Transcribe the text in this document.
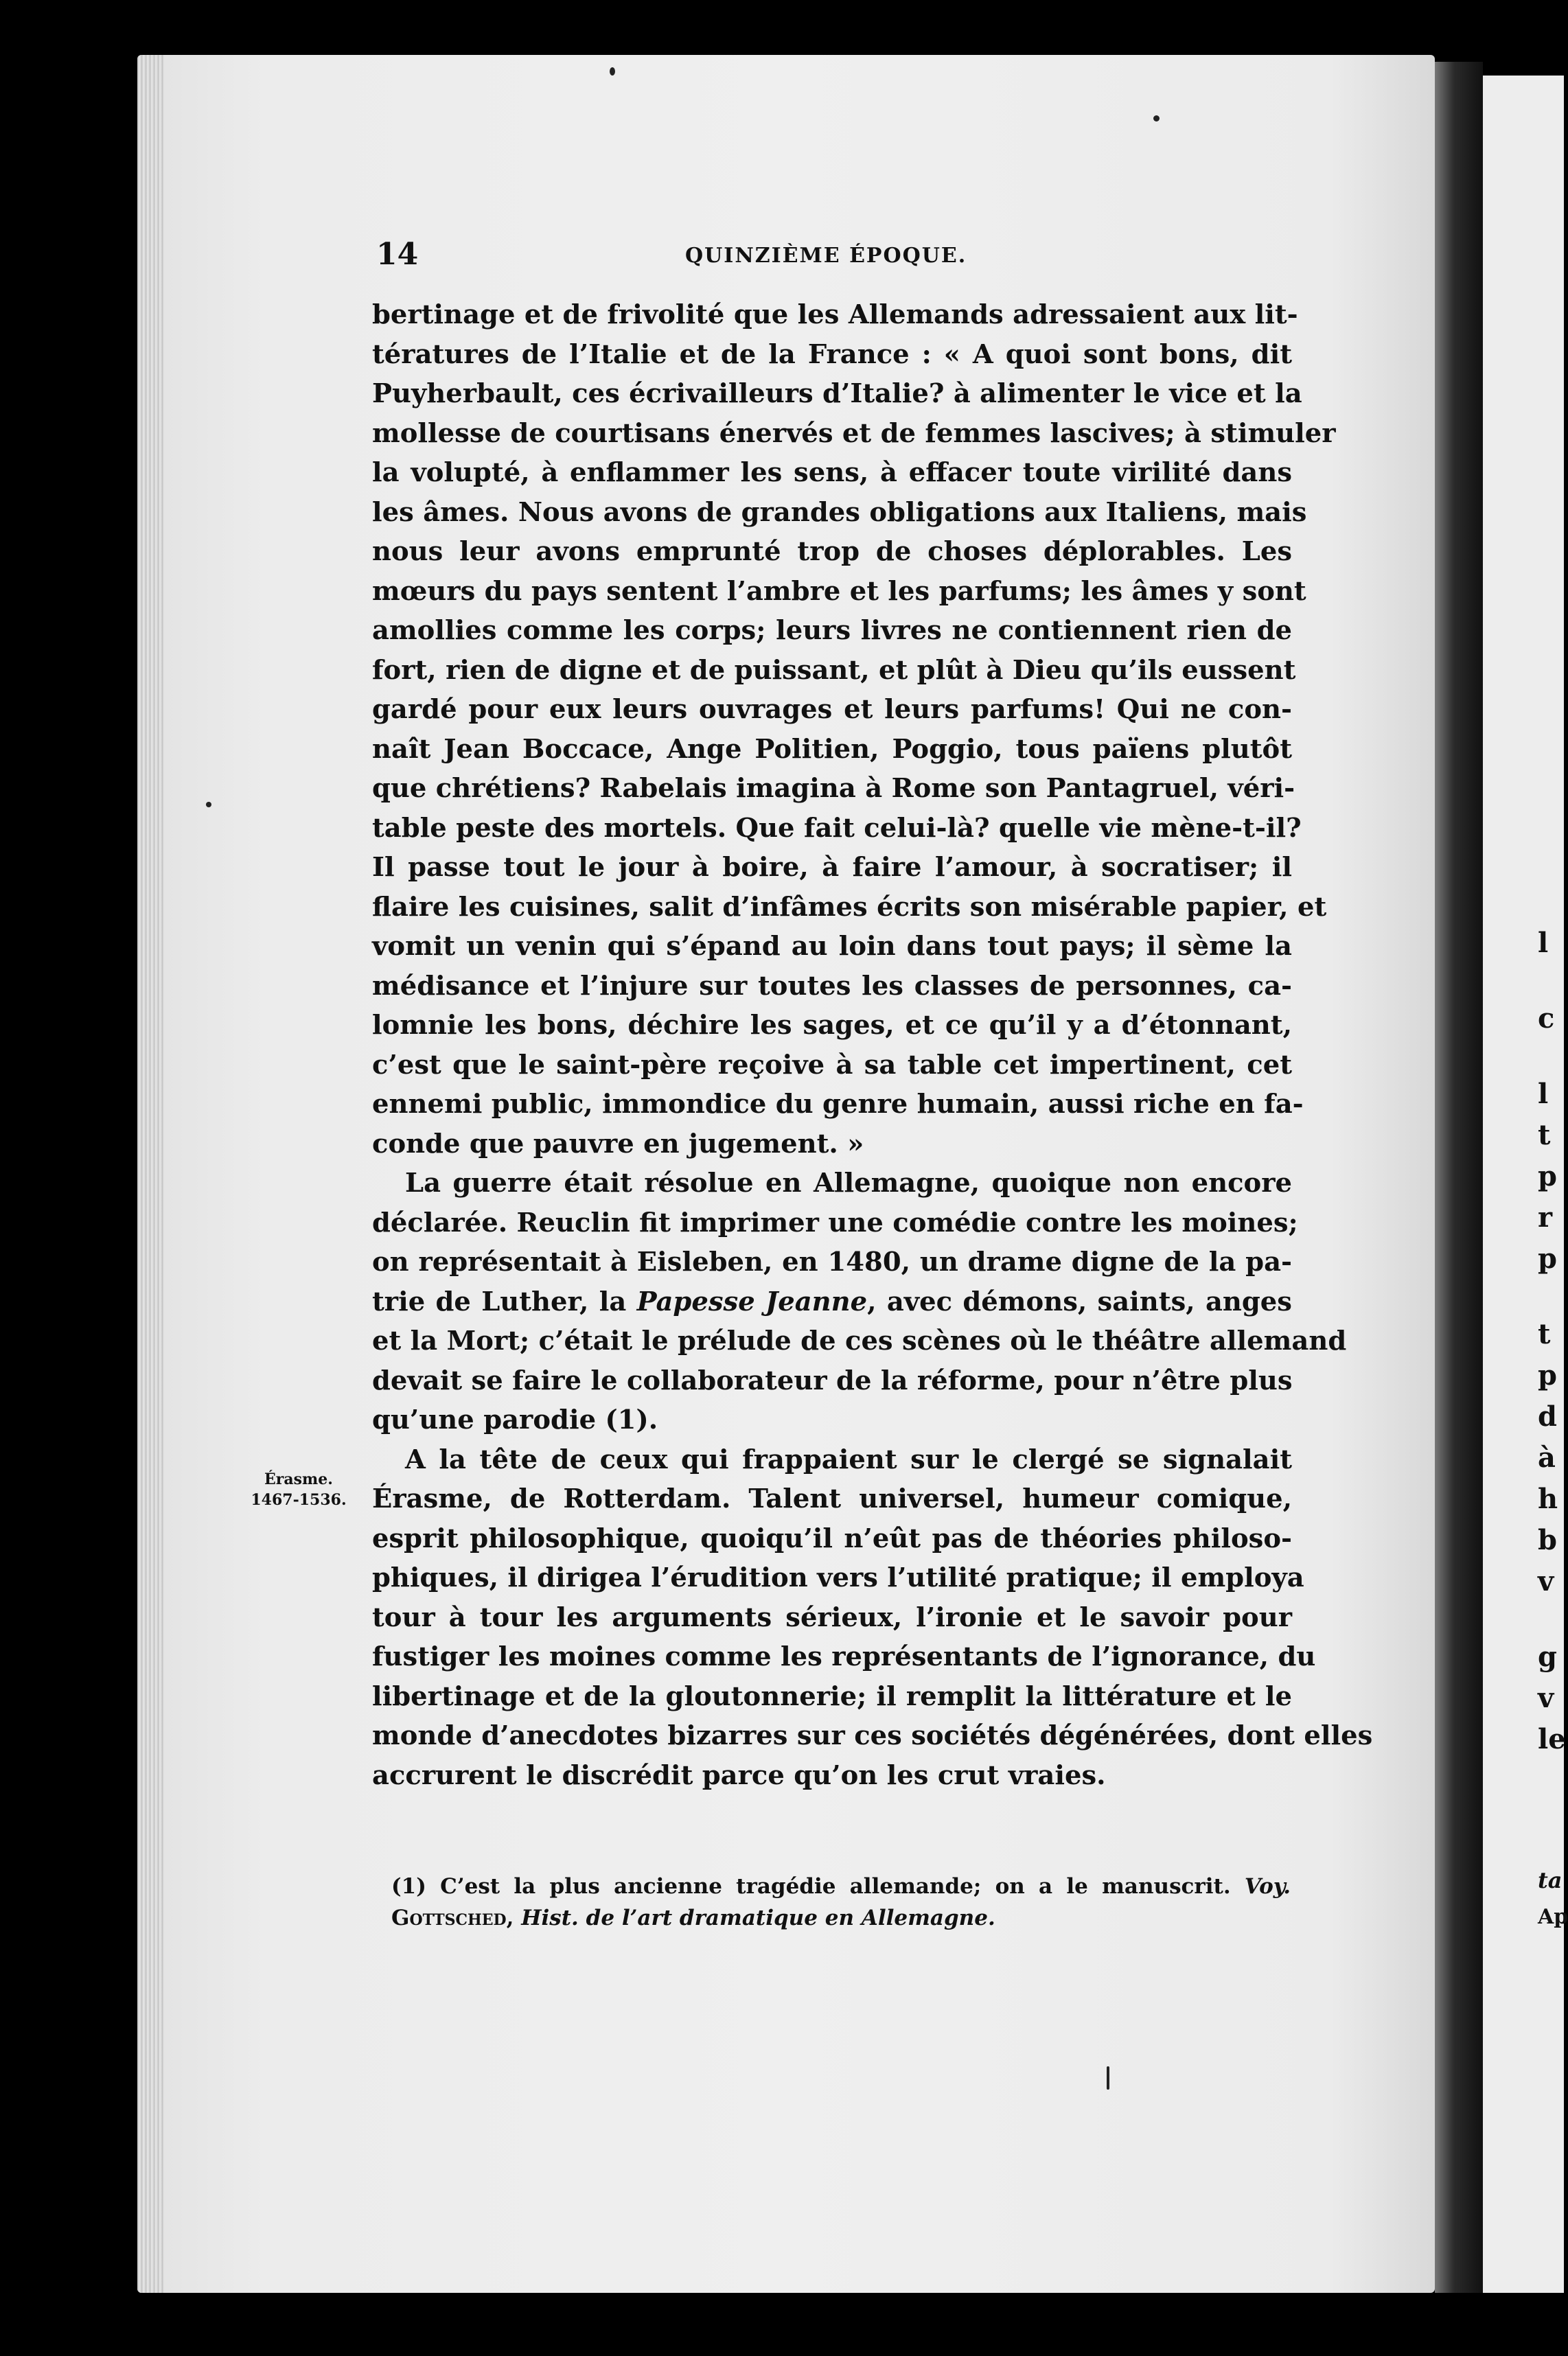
l
c
l
t
p
r
p
t
p
d
à
h
b
v
g
v
le
ta
Ap
14	QUINZIÈME ÉPOQUE.
Érasme.
1467-1536.

bertinage et de frivolité que les Allemands adressaient aux lit-
tératures de l’Italie et de la France : « A quoi sont bons, dit
Puyherbault, ces écrivailleurs d’Italie? à alimenter le vice et la
mollesse de courtisans énervés et de femmes lascives; à stimuler
la volupté, à enflammer les sens, à effacer toute virilité dans
les âmes. Nous avons de grandes obligations aux Italiens, mais
nous leur avons emprunté trop de choses déplorables. Les
mœurs du pays sentent l’ambre et les parfums; les âmes y sont
amollies comme les corps; leurs livres ne contiennent rien de
fort, rien de digne et de puissant, et plût à Dieu qu’ils eussent
gardé pour eux leurs ouvrages et leurs parfums! Qui ne con-
naît Jean Boccace, Ange Politien, Poggio, tous païens plutôt
que chrétiens? Rabelais imagina à Rome son Pantagruel, véri-
table peste des mortels. Que fait celui-là? quelle vie mène-t-il?
Il passe tout le jour à boire, à faire l’amour, à socratiser; il
flaire les cuisines, salit d’infâmes écrits son misérable papier, et
vomit un venin qui s’épand au loin dans tout pays; il sème la
médisance et l’injure sur toutes les classes de personnes, ca-
lomnie les bons, déchire les sages, et ce qu’il y a d’étonnant,
c’est que le saint-père reçoive à sa table cet impertinent, cet
ennemi public, immondice du genre humain, aussi riche en fa-
conde que pauvre en jugement. »

La guerre était résolue en Allemagne, quoique non encore
déclarée. Reuclin fit imprimer une comédie contre les moines;
on représentait à Eisleben, en 1480, un drame digne de la pa-
trie de Luther, la Papesse Jeanne, avec démons, saints, anges
et la Mort; c’était le prélude de ces scènes où le théâtre allemand
devait se faire le collaborateur de la réforme, pour n’être plus
qu’une parodie (1).

A la tête de ceux qui frappaient sur le clergé se signalait
Érasme, de Rotterdam. Talent universel, humeur comique,
esprit philosophique, quoiqu’il n’eût pas de théories philoso-
phiques, il dirigea l’érudition vers l’utilité pratique; il employa
tour à tour les arguments sérieux, l’ironie et le savoir pour
fustiger les moines comme les représentants de l’ignorance, du
libertinage et de la gloutonnerie; il remplit la littérature et le
monde d’anecdotes bizarres sur ces sociétés dégénérées, dont elles
accrurent le discrédit parce qu’on les crut vraies.

(1) C’est la plus ancienne tragédie allemande; on a le manuscrit. Voy.
Gottsched, Hist. de l’art dramatique en Allemagne.
